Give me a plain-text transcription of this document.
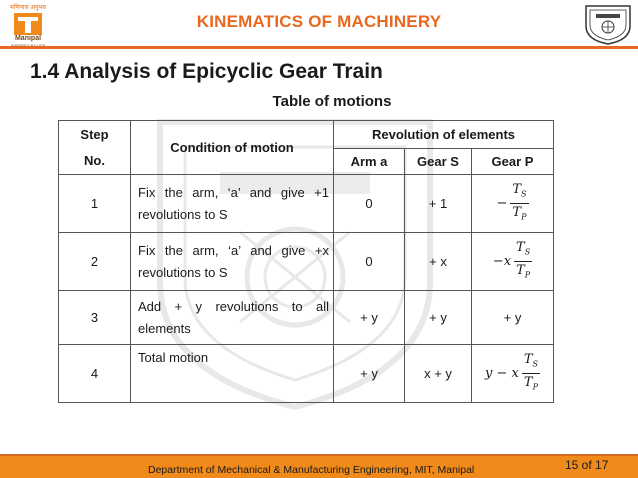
मणिपाल अनुभव
Manipal
KINEMATICS OF MACHINERY
1.4 Analysis of Epicyclic Gear Train
Table of motions
Step
No.	Condition of motion	Revolution of elements		
		Arm a	Gear S	Gear P
1	Fix the arm, ‘a’ and give +1 revolutions to S	0	+ 1	− $\frac{T_S}{T_P}$

2	Fix the arm, ‘a’ and give +x revolutions to S	0	+ x	$-x \frac{T_S}{T_P}$

3	Add + y revolutions to all elements	+ y	+ y	+ y
4	Total motion	+ y	x + y	y − x $\frac{T_S}{T_P}$
Department of Mechanical & Manufacturing Engineering, MIT, Manipal	15 of 17
